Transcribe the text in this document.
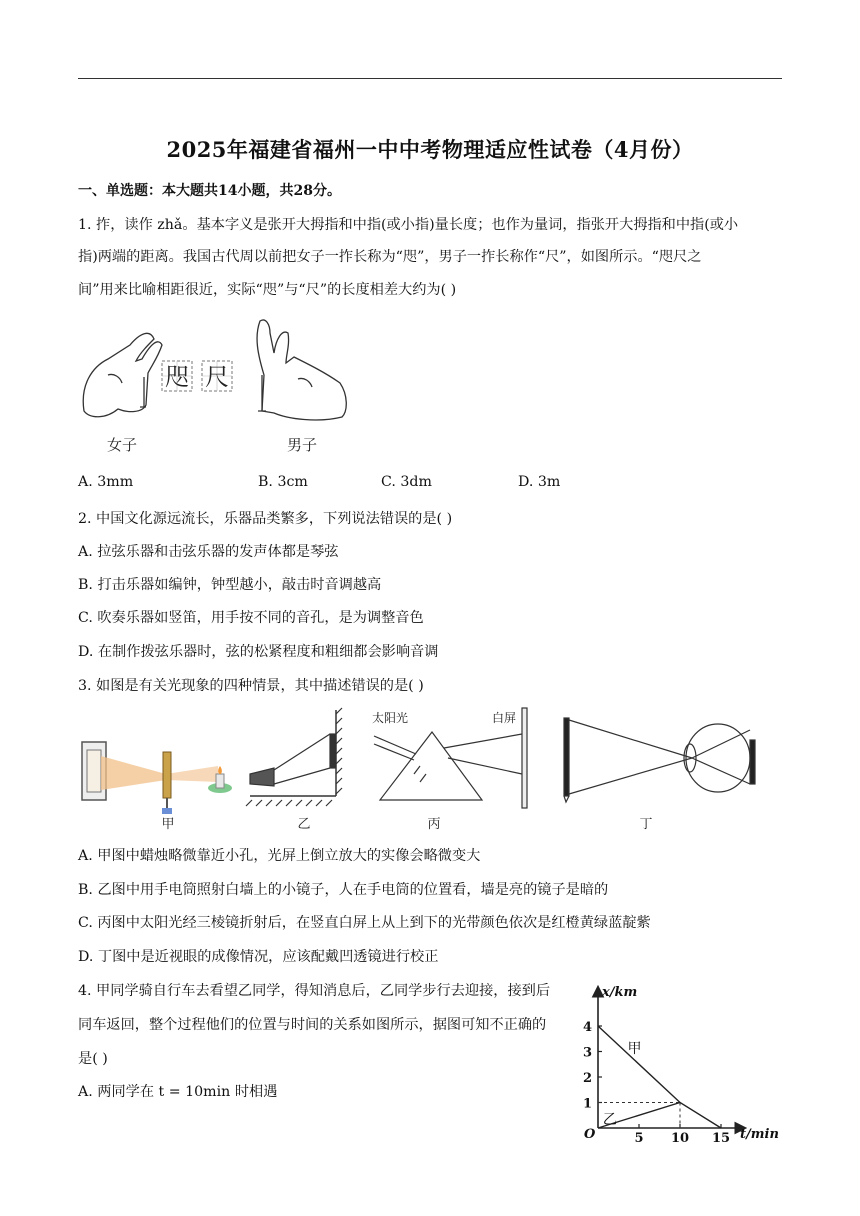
2025年福建省福州一中中考物理适应性试卷（4月份）
一、单选题：本大题共14小题，共28分。
1. 拃，读作 zhǎ。基本字义是张开大拇指和中指(或小指)量长度；也作为量词，指张开大拇指和中指(或小
指)两端的距离。我国古代周以前把女子一拃长称为“咫”，男子一拃长称作“尺”，如图所示。“咫尺之
间”用来比喻相距很近，实际“咫”与“尺”的长度相差大约为( )
咫 尺
女子	男子
A. 3mm	B. 3cm	C. 3dm	D. 3m
2. 中国文化源远流长，乐器品类繁多，下列说法错误的是( )
A. 拉弦乐器和击弦乐器的发声体都是琴弦
B. 打击乐器如编钟，钟型越小，敲击时音调越高
C. 吹奏乐器如竖笛，用手按不同的音孔，是为调整音色
D. 在制作拨弦乐器时，弦的松紧程度和粗细都会影响音调
3. 如图是有关光现象的四种情景，其中描述错误的是( )
太阳光	白屏
甲	乙	丙	丁
A. 甲图中蜡烛略微靠近小孔，光屏上倒立放大的实像会略微变大
B. 乙图中用手电筒照射白墙上的小镜子，人在手电筒的位置看，墙是亮的镜子是暗的
C. 丙图中太阳光经三棱镜折射后，在竖直白屏上从上到下的光带颜色依次是红橙黄绿蓝靛紫
D. 丁图中是近视眼的成像情况，应该配戴凹透镜进行校正
4. 甲同学骑自行车去看望乙同学，得知消息后，乙同学步行去迎接，接到后
同车返回，整个过程他们的位置与时间的关系如图所示，据图可知不正确的
是( )
A. 两同学在 t = 10min 时相遇
x/km
t/min
O	5 10 15
1
2
3
4
甲
乙
